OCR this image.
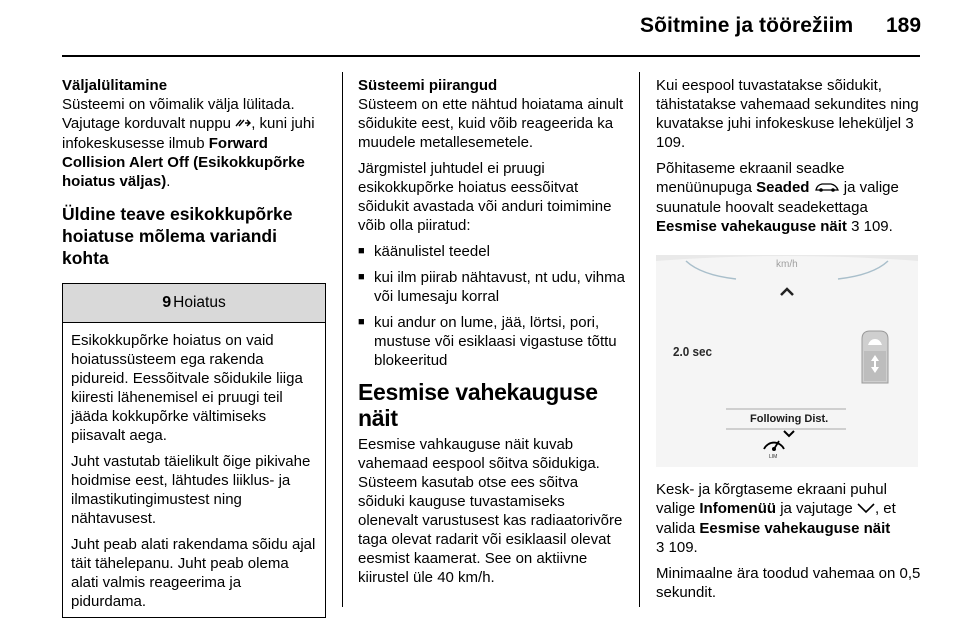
Sõitmine ja töörežiim 189

Väljalülitamine
Süsteemi on võimalik välja lülitada. Vajutage korduvalt nuppu , kuni juhi infokeskusesse ilmub Forward Collision Alert Off (Esikokkupõrke hoiatus väljas).

Üldine teave esikokkupõrke hoiatuse mõlema variandi kohta
9 Hoiatus

Esikokkupõrke hoiatus on vaid hoiatussüsteem ega rakenda pidureid. Eessõitvale sõidukile liiga kiiresti lähenemisel ei pruugi teil jääda kokkupõrke vältimiseks piisavalt aega.

Juht vastutab täielikult õige pikivahe hoidmise eest, lähtudes liiklus- ja ilmastikutingimustest ning nähtavusest.

Juht peab alati rakendama sõidu ajal täit tähelepanu. Juht peab olema alati valmis reageerima ja pidurdama.

Süsteemi piirangud
Süsteem on ette nähtud hoiatama ainult sõidukite eest, kuid võib reageerida ka muudele metallesemetele.

Järgmistel juhtudel ei pruugi esikokkupõrke hoiatus eessõitvat sõidukit avastada või anduri toimimine võib olla piiratud:

■ käänulistel teedel
■ kui ilm piirab nähtavust, nt udu, vihma või lumesaju korral
■ kui andur on lume, jää, lörtsi, pori, mustuse või esiklaasi vigastuse tõttu blokeeritud
Eesmise vahekauguse näit

Eesmise vahkauguse näit kuvab vahemaad eespool sõitva sõidukiga. Süsteem kasutab otse ees sõitva sõiduki kauguse tuvastamiseks olenevalt varustusest kas radiaatorivõre taga olevat radarit või esiklaasil olevat eesmist kaamerat. See on aktiivne kiirustel üle 40 km/h.

Kui eespool tuvastatakse sõidukit, tähistatakse vahemaad sekundites ning kuvatakse juhi infokeskuse leheküljel 3 109.

Põhitaseme ekraanil seadke menüünupuga Seaded ja valige suunatule hoovalt seadekettaga Eesmise vahekauguse näit 3 109.

km/h
2.0 sec
Following Dist.
LIM

Kesk- ja kõrgtaseme ekraani puhul valige Infomenüü ja vajutage , et valida Eesmise vahekauguse näit
3 109.

Minimaalne ära toodud vahemaa on 0,5 sekundit.
